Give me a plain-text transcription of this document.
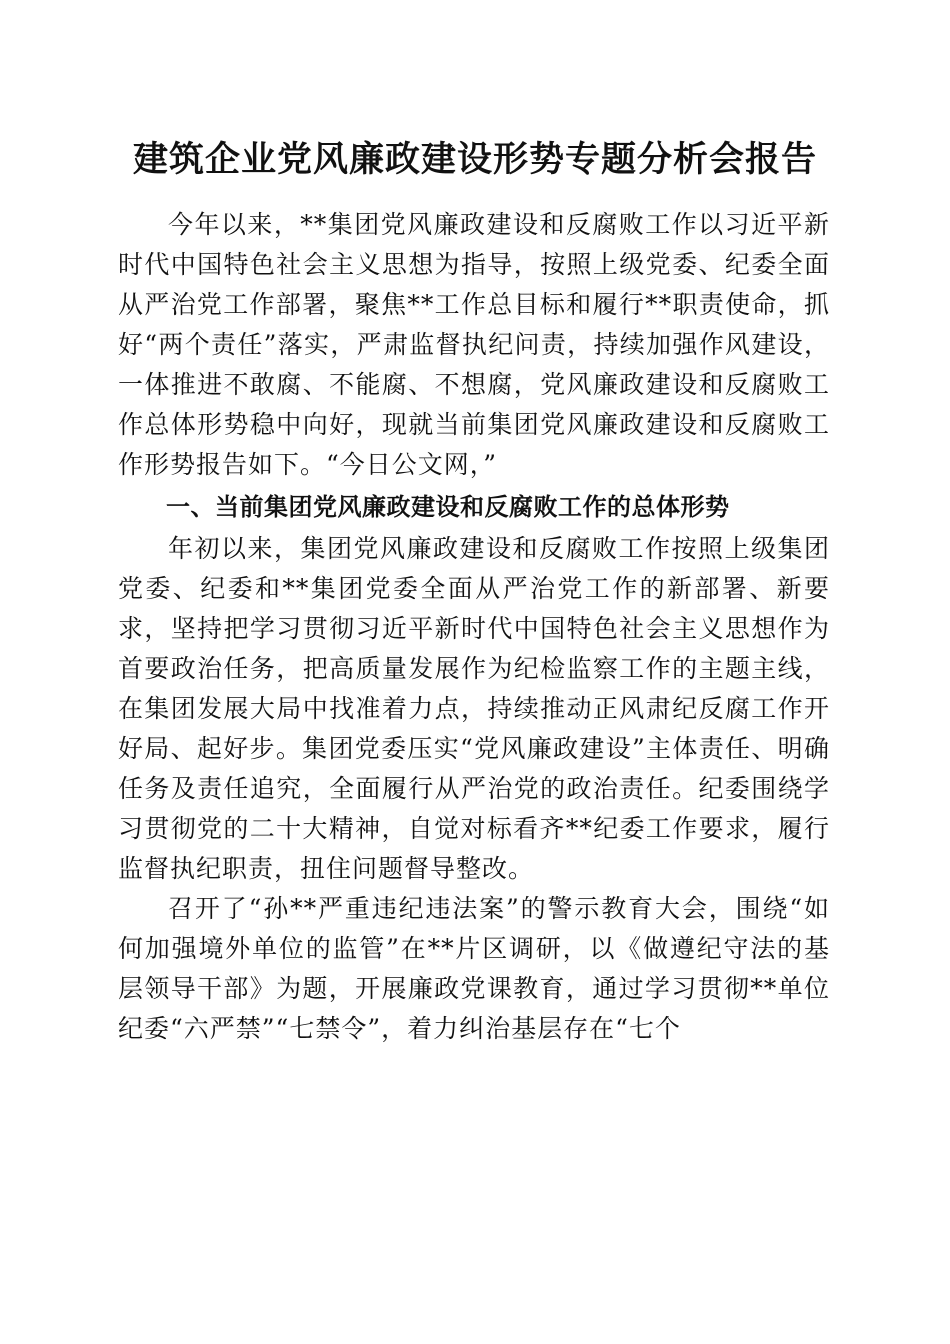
建筑企业党风廉政建设形势专题分析会报告

今年以来，**集团党风廉政建设和反腐败工作以习近平新时代中国特色社会主义思想为指导，按照上级党委、纪委全面从严治党工作部署，聚焦**工作总目标和履行**职责使命，抓好“两个责任”落实，严肃监督执纪问责，持续加强作风建设，一体推进不敢腐、不能腐、不想腐，党风廉政建设和反腐败工作总体形势稳中向好，现就当前集团党风廉政建设和反腐败工作形势报告如下。“今日公文网，”

一、当前集团党风廉政建设和反腐败工作的总体形势

年初以来，集团党风廉政建设和反腐败工作按照上级集团党委、纪委和**集团党委全面从严治党工作的新部署、新要求，坚持把学习贯彻习近平新时代中国特色社会主义思想作为首要政治任务，把高质量发展作为纪检监察工作的主题主线，在集团发展大局中找准着力点，持续推动正风肃纪反腐工作开好局、起好步。集团党委压实“党风廉政建设”主体责任、明确任务及责任追究，全面履行从严治党的政治责任。纪委围绕学习贯彻党的二十大精神，自觉对标看齐**纪委工作要求，履行监督执纪职责，扭住问题督导整改。

召开了“孙**严重违纪违法案”的警示教育大会，围绕“如何加强境外单位的监管”在**片区调研，以《做遵纪守法的基层领导干部》为题，开展廉政党课教育，通过学习贯彻**单位纪委“六严禁”“七禁令”，着力纠治基层存在“七个
